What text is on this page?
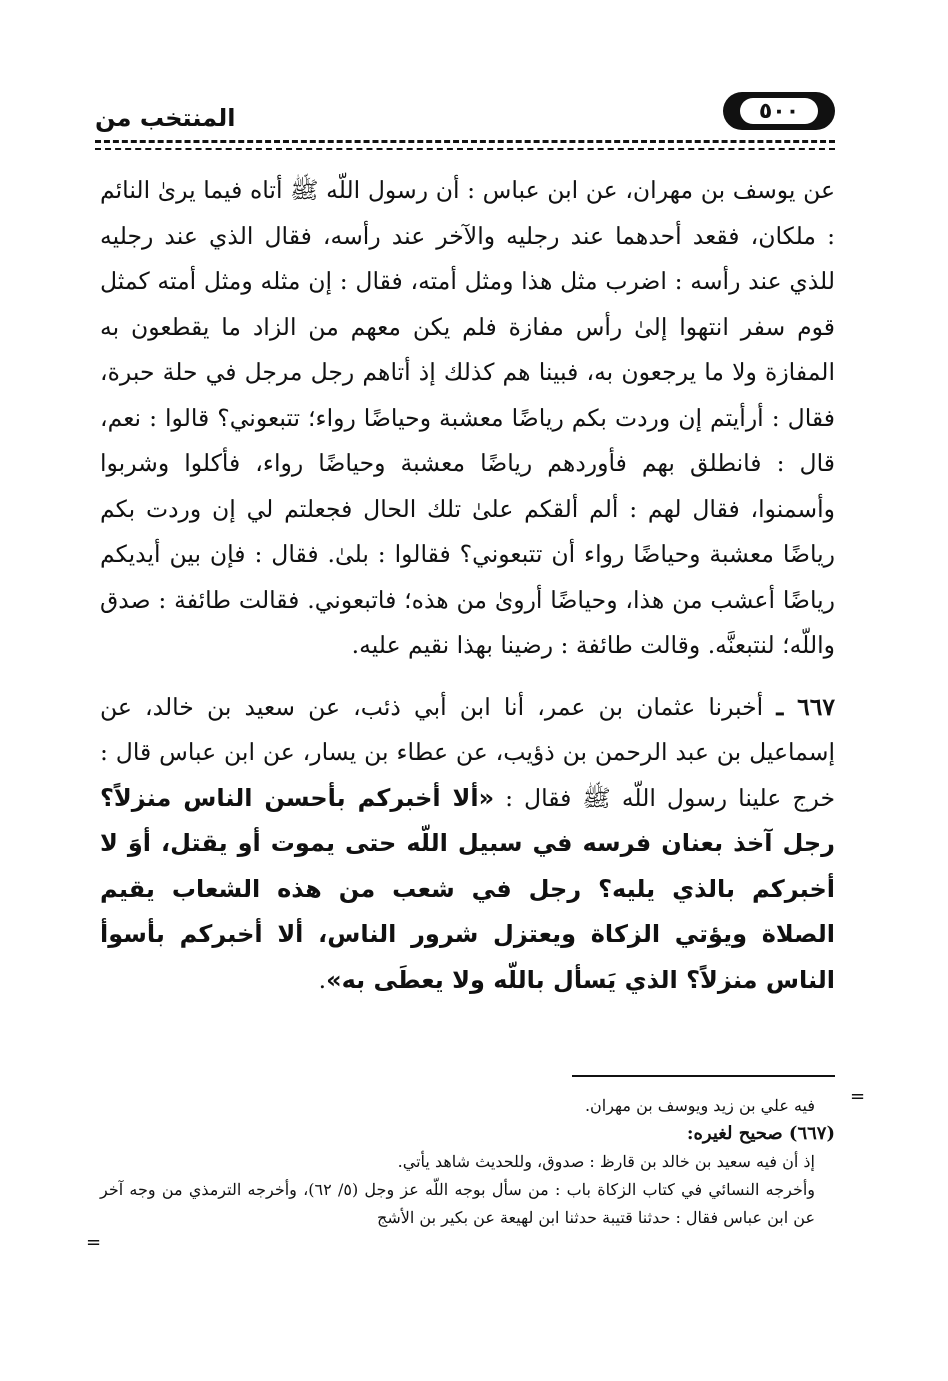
٥٠٠
المنتخب من

عن يوسف بن مهران، عن ابن عباس : أن رسول اللّه ﷺ أتاه فيما يرىٰ النائم : ملكان، فقعد أحدهما عند رجليه والآخر عند رأسه، فقال الذي عند رجليه للذي عند رأسه : اضرب مثل هذا ومثل أمته، فقال : إن مثله ومثل أمته كمثل قوم سفر انتهوا إلىٰ رأس مفازة فلم يكن معهم من الزاد ما يقطعون به المفازة ولا ما يرجعون به، فبينا هم كذلك إذ أتاهم رجل مرجل في حلة حبرة، فقال : أرأيتم إن وردت بكم رياضًا معشبة وحياضًا رواء؛ تتبعوني؟ قالوا : نعم، قال : فانطلق بهم فأوردهم رياضًا معشبة وحياضًا رواء، فأكلوا وشربوا وأسمنوا، فقال لهم : ألم ألقكم علىٰ تلك الحال فجعلتم لي إن وردت بكم رياضًا معشبة وحياضًا رواء أن تتبعوني؟ فقالوا : بلىٰ. فقال : فإن بين أيديكم رياضًا أعشب من هذا، وحياضًا أروىٰ من هذه؛ فاتبعوني. فقالت طائفة : صدق واللّه؛ لنتبعنَّه. وقالت طائفة : رضينا بهذا نقيم عليه.

٦٦٧ ـ أخبرنا عثمان بن عمر، أنا ابن أبي ذئب، عن سعيد بن خالد، عن إسماعيل بن عبد الرحمن بن ذؤيب، عن عطاء بن يسار، عن ابن عباس قال : خرج علينا رسول اللّه ﷺ فقال : «ألا أخبركم بأحسن الناس منزلاً؟ رجل آخذ بعنان فرسه في سبيل اللّه حتى يموت أو يقتل، أوَ لا أخبركم بالذي يليه؟ رجل في شعب من هذه الشعاب يقيم الصلاة ويؤتي الزكاة ويعتزل شرور الناس، ألا أخبركم بأسوأ الناس منزلاً؟ الذي يَسأل باللّه ولا يعطَى به».

=

فيه علي بن زيد ويوسف بن مهران.

(٦٦٧) صحيح لغيره:

إذ أن فيه سعيد بن خالد بن قارظ : صدوق، وللحديث شاهد يأتي.

وأخرجه النسائي في كتاب الزكاة باب : من سأل بوجه اللّه عز وجل (٥/ ٦٢)، وأخرجه الترمذي من وجه آخر عن ابن عباس فقال : حدثنا قتيبة حدثنا ابن لهيعة عن بكير بن الأشج

=
